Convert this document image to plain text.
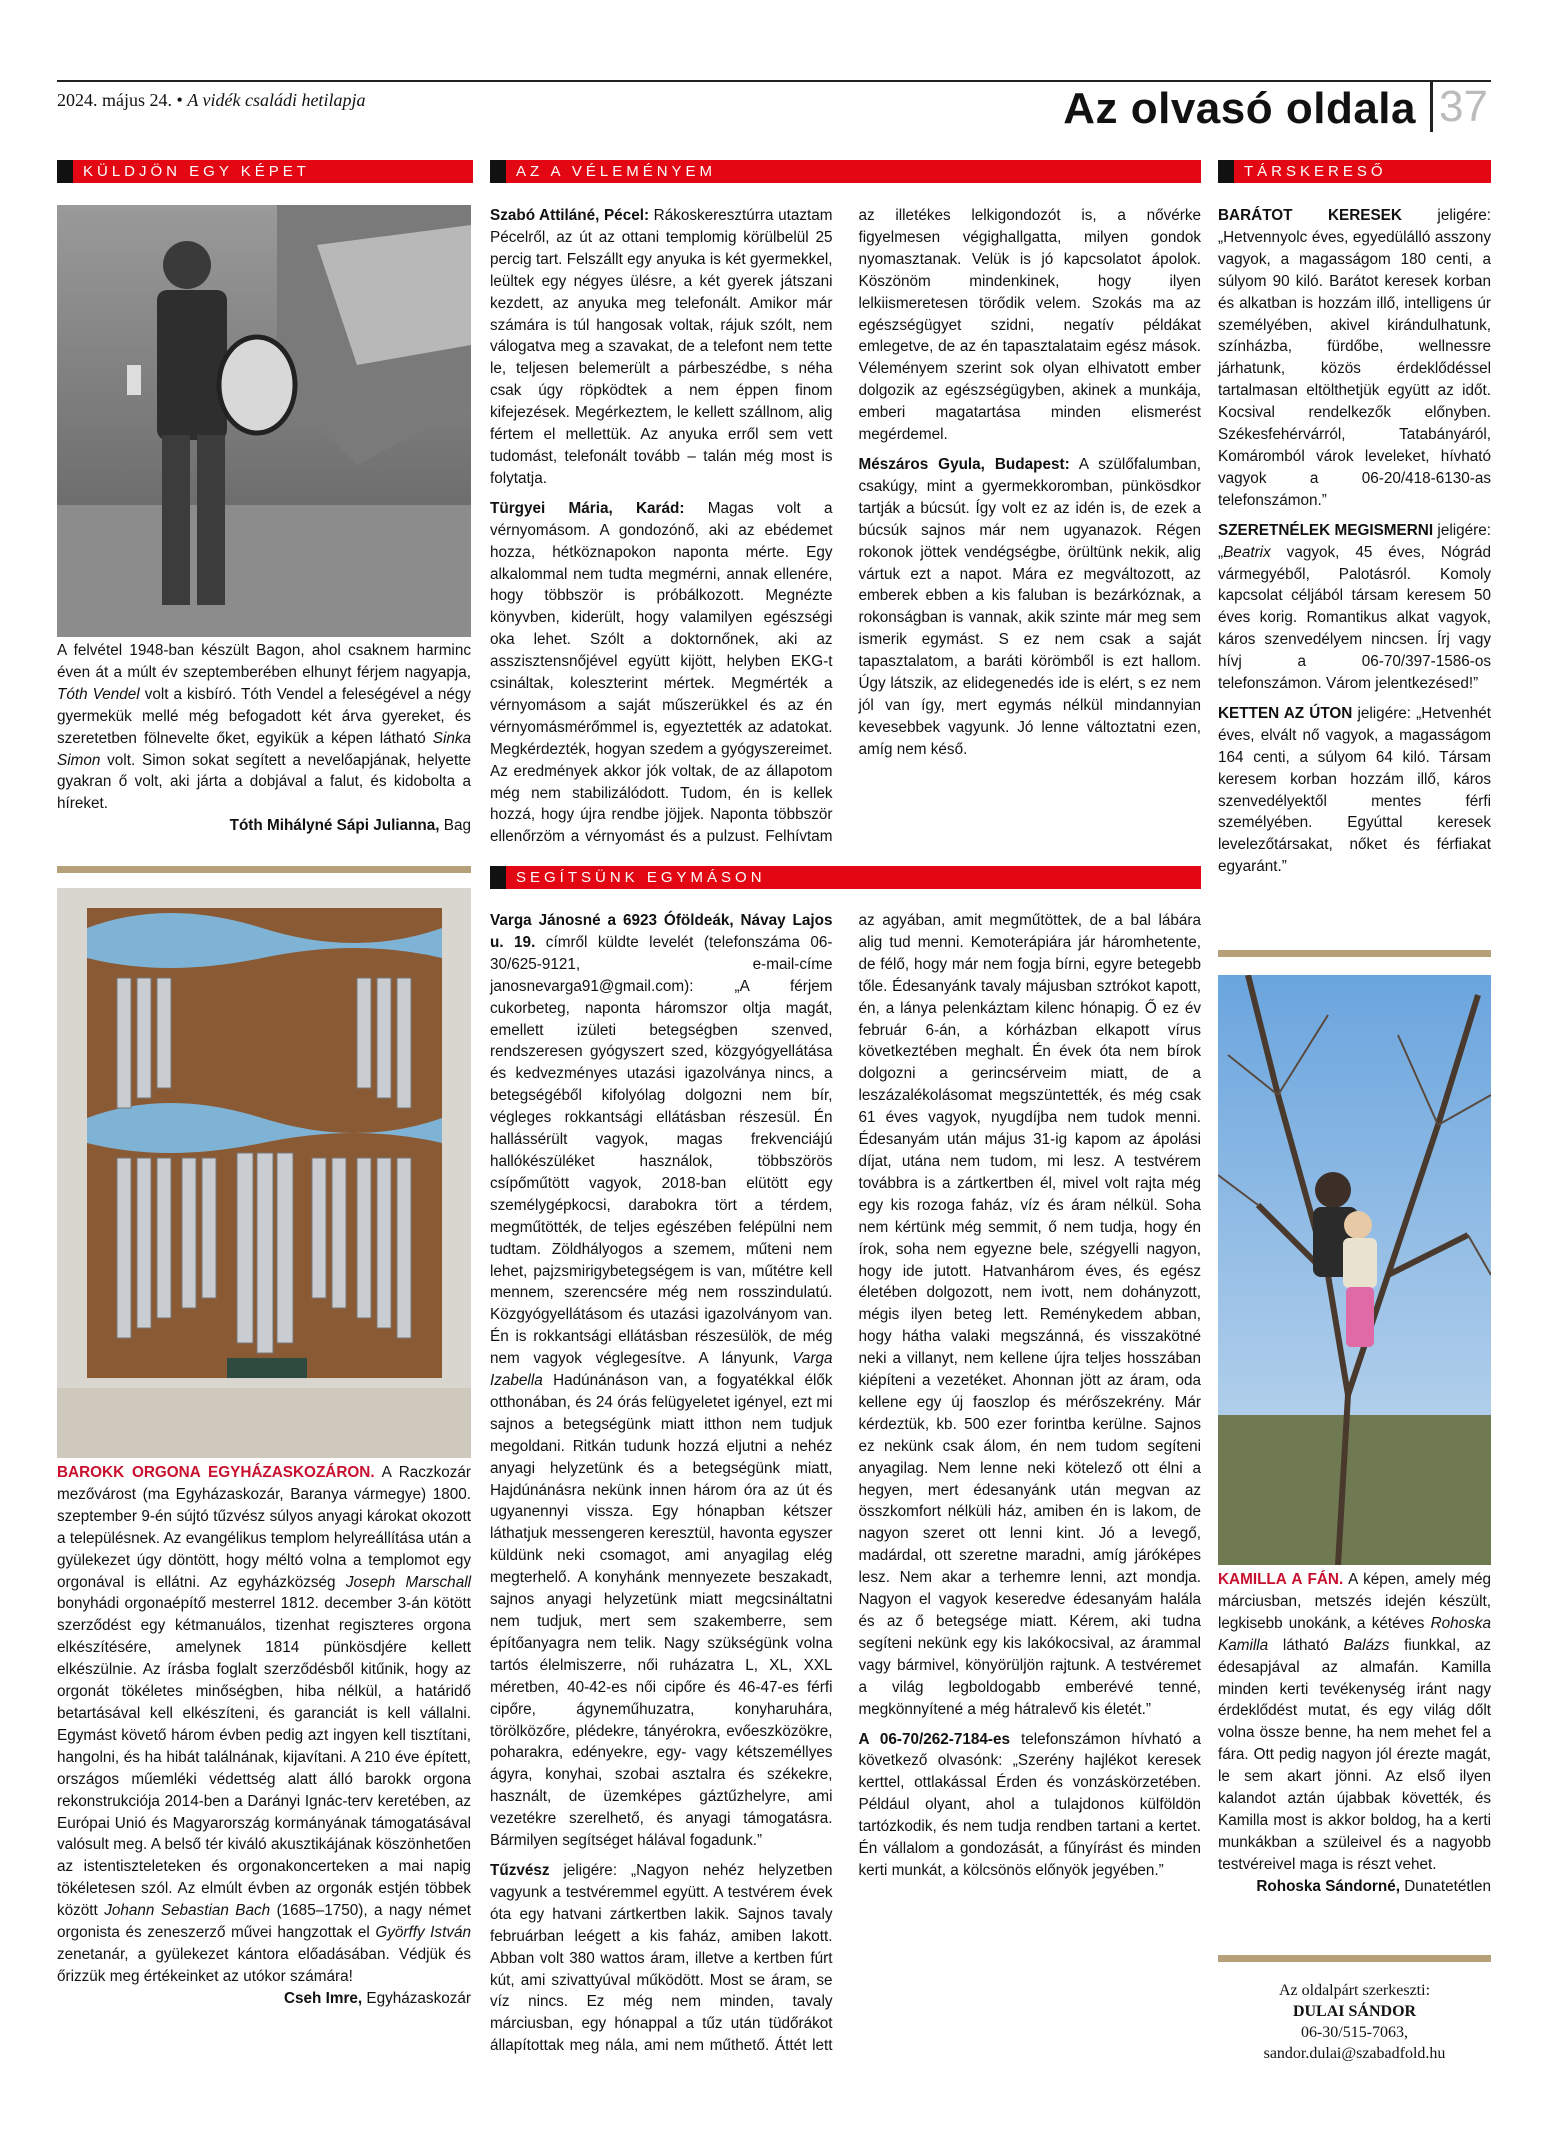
2024. május 24. • A vidék családi hetilapja	Az olvasó oldala 37
KÜLDJÖN EGY KÉPET	AZ A VÉLEMÉNYEM	TÁRSKERESŐ
SEGÍTSÜNK EGYMÁSON
A felvétel 1948-ban készült Bagon, ahol csaknem harminc éven át a múlt év szeptemberében elhunyt férjem nagyapja, Tóth Vendel volt a kisbíró. Tóth Vendel a feleségével a négy gyermekük mellé még befogadott két árva gyereket, és szeretetben fölnevelte őket, egyikük a képen látható Sinka Simon volt. Simon sokat segített a nevelőapjának, helyette gyakran ő volt, aki járta a dobjával a falut, és kidobolta a híreket.
Tóth Mihályné Sápi Julianna, Bag
BAROKK ORGONA EGYHÁZASKOZÁRON. A Raczkozár mezővárost (ma Egyházaskozár, Baranya vármegye) 1800. szeptember 9-én sújtó tűzvész súlyos anyagi károkat okozott a településnek. Az evangélikus templom helyreállítása után a gyülekezet úgy döntött, hogy méltó volna a templomot egy orgonával is ellátni. Az egyházközség Joseph Marschall bonyhádi orgonaépítő mesterrel 1812. december 3-án kötött szerződést egy kétmanuálos, tizenhat regiszteres orgona elkészítésére, amelynek 1814 pünkösdjére kellett elkészülnie. Az írásba foglalt szerződésből kitűnik, hogy az orgonát tökéletes minőségben, hiba nélkül, a határidő betartásával kell elkészíteni, és garanciát is kell vállalni. Egymást követő három évben pedig azt ingyen kell tisztítani, hangolni, és ha hibát találnának, kijavítani. A 210 éve épített, országos műemléki védettség alatt álló barokk orgona rekonstrukciója 2014-ben a Darányi Ignác-terv keretében, az Európai Unió és Magyarország kormányának támogatásával valósult meg. A belső tér kiváló akusztikájának köszönhetően az istentiszteleteken és orgonakoncerteken a mai napig tökéletesen szól. Az elmúlt évben az orgonák estjén többek között Johann Sebastian Bach (1685–1750), a nagy német orgonista és zeneszerző művei hangzottak el Györffy István zenetanár, a gyülekezet kántora előadásában. Védjük és őrizzük meg értékeinket az utókor számára!
Cseh Imre, Egyházaskozár

Szabó Attiláné, Pécel: Rákoskeresztúrra utaztam Pécelről, az út az ottani templomig körülbelül 25 percig tart. Felszállt egy anyuka is két gyermekkel, leültek egy négyes ülésre, a két gyerek játszani kezdett, az anyuka meg telefonált. Amikor már számára is túl hangosak voltak, rájuk szólt, nem válogatva meg a szavakat, de a telefont nem tette le, teljesen belemerült a párbeszédbe, s néha csak úgy röpködtek a nem éppen finom kifejezések. Megérkeztem, le kellett szállnom, alig fértem el mellettük. Az anyuka erről sem vett tudomást, telefonált tovább – talán még most is folytatja.

Türgyei Mária, Karád: Magas volt a vérnyomásom. A gondozónő, aki az ebédemet hozza, hétköznapokon naponta mérte. Egy alkalommal nem tudta megmérni, annak ellenére, hogy többször is próbálkozott. Megnézte könyvben, kiderült, hogy valamilyen egészségi oka lehet. Szólt a doktornőnek, aki az asszisztensnőjével együtt kijött, helyben EKG-t csináltak, koleszterint mértek. Megmérték a vérnyomásom a saját műszerükkel és az én vérnyomásmérőmmel is, egyeztették az adatokat. Megkérdezték, hogyan szedem a gyógyszereimet. Az eredmények akkor jók voltak, de az állapotom még nem stabilizálódott. Tudom, én is kellek hozzá, hogy újra rendbe jöjjek. Naponta többször ellenőrzöm a vérnyomást és a pulzust. Felhívtam az illetékes lelkigondozót is, a nővérke figyelmesen végighallgatta, milyen gondok nyomasztanak. Velük is jó kapcsolatot ápolok. Köszönöm mindenkinek, hogy ilyen lelkiismeretesen törődik velem. Szokás ma az egészségügyet szidni, negatív példákat emlegetve, de az én tapasztalataim egész mások. Véleményem szerint sok olyan elhivatott ember dolgozik az egészségügyben, akinek a munkája, emberi magatartása minden elismerést megérdemel.

Mészáros Gyula, Budapest: A szülőfalumban, csakúgy, mint a gyermekkoromban, pünkösdkor tartják a búcsút. Így volt ez az idén is, de ezek a búcsúk sajnos már nem ugyanazok. Régen rokonok jöttek vendégségbe, örültünk nekik, alig vártuk ezt a napot. Mára ez megváltozott, az emberek ebben a kis faluban is bezárkóznak, a rokonságban is vannak, akik szinte már meg sem ismerik egymást. S ez nem csak a saját tapasztalatom, a baráti körömből is ezt hallom. Úgy látszik, az elidegenedés ide is elért, s ez nem jól van így, mert egymás nélkül mindannyian kevesebbek vagyunk. Jó lenne változtatni ezen, amíg nem késő.

Varga Jánosné a 6923 Óföldeák, Návay Lajos u. 19. címről küldte levelét (telefonszáma 06-30/625-9121, e-mail-címe janosnevarga91@gmail.com): „A férjem cukorbeteg, naponta háromszor oltja magát, emellett izületi betegségben szenved, rendszeresen gyógyszert szed, közgyógyellátása és kedvezményes utazási igazolványa nincs, a betegségéből kifolyólag dolgozni nem bír, végleges rokkantsági ellátásban részesül. Én hallássérült vagyok, magas frekvenciájú hallókészüléket használok, többszörös csípőműtött vagyok, 2018-ban elütött egy személygépkocsi, darabokra tört a térdem, megműtötték, de teljes egészében felépülni nem tudtam. Zöldhályogos a szemem, műteni nem lehet, pajzsmirigybetegségem is van, műtétre kell mennem, szerencsére még nem rosszindulatú. Közgyógyellátásom és utazási igazolványom van. Én is rokkantsági ellátásban részesülök, de még nem vagyok véglegesítve. A lányunk, Varga Izabella Hadúnánáson van, a fogyatékkal élők otthonában, és 24 órás felügyeletet igényel, ezt mi sajnos a betegségünk miatt itthon nem tudjuk megoldani. Ritkán tudunk hozzá eljutni a nehéz anyagi helyzetünk és a betegségünk miatt, Hajdúnánásra nekünk innen három óra az út és ugyanennyi vissza. Egy hónapban kétszer láthatjuk messengeren keresztül, havonta egyszer küldünk neki csomagot, ami anyagilag elég megterhelő. A konyhánk mennyezete beszakadt, sajnos anyagi helyzetünk miatt megcsináltatni nem tudjuk, mert sem szakemberre, sem építőanyagra nem telik. Nagy szükségünk volna tartós élelmiszerre, női ruházatra L, XL, XXL méretben, 40-42-es női cipőre és 46-47-es férfi cipőre, ágyneműhuzatra, konyharuhára, törölközőre, plédekre, tányérokra, evőeszközökre, poharakra, edényekre, egy- vagy kétszeméllyes ágyra, konyhai, szobai asztalra és székekre, használt, de üzemképes gáztűzhelyre, ami vezetékre szerelhető, és anyagi támogatásra. Bármilyen segítséget hálával fogadunk.”

Tűzvész jeligére: „Nagyon nehéz helyzetben vagyunk a testvéremmel együtt. A testvérem évek óta egy hatvani zártkertben lakik. Sajnos tavaly februárban leégett a kis faház, amiben lakott. Abban volt 380 wattos áram, illetve a kertben fúrt kút, ami szivattyúval működött. Most se áram, se víz nincs. Ez még nem minden, tavaly márciusban, egy hónappal a tűz után tüdőrákot állapítottak meg nála, ami nem műthető. Áttét lett az agyában, amit megműtöttek, de a bal lábára alig tud menni. Kemoterápiára jár háromhetente, de félő, hogy már nem fogja bírni, egyre betegebb tőle. Édesanyánk tavaly májusban sztrókot kapott, én, a lánya pelenkáztam kilenc hónapig. Ő ez év február 6-án, a kórházban elkapott vírus következtében meghalt. Én évek óta nem bírok dolgozni a gerincsérveim miatt, de a leszázalékolásomat megszüntették, és még csak 61 éves vagyok, nyugdíjba nem tudok menni. Édesanyám után május 31-ig kapom az ápolási díjat, utána nem tudom, mi lesz. A testvérem továbbra is a zártkertben él, mivel volt rajta még egy kis rozoga faház, víz és áram nélkül. Soha nem kértünk még semmit, ő nem tudja, hogy én írok, soha nem egyezne bele, szégyelli nagyon, hogy ide jutott. Hatvanhárom éves, és egész életében dolgozott, nem ivott, nem dohányzott, mégis ilyen beteg lett. Reménykedem abban, hogy hátha valaki megszánná, és visszakötné neki a villanyt, nem kellene újra teljes hosszában kiépíteni a vezetéket. Ahonnan jött az áram, oda kellene egy új faoszlop és mérőszekrény. Már kérdeztük, kb. 500 ezer forintba kerülne. Sajnos ez nekünk csak álom, én nem tudom segíteni anyagilag. Nem lenne neki kötelező ott élni a hegyen, mert édesanyánk után megvan az összkomfort nélküli ház, amiben én is lakom, de nagyon szeret ott lenni kint. Jó a levegő, madárdal, ott szeretne maradni, amíg járóképes lesz. Nem akar a terhemre lenni, azt mondja. Nagyon el vagyok keseredve édesanyám halála és az ő betegsége miatt. Kérem, aki tudna segíteni nekünk egy kis lakókocsival, az árammal vagy bármivel, könyörüljön rajtunk. A testvéremet a világ legboldogabb emberévé tenné, megkönnyítené a még hátralevő kis életét.”

A 06-70/262-7184-es telefonszámon hívható a következő olvasónk: „Szerény hajlékot keresek kerttel, ottlakással Érden és vonzáskörzetében. Például olyant, ahol a tulajdonos külföldön tartózkodik, és nem tudja rendben tartani a kertet. Én vállalom a gondozását, a fűnyírást és minden kerti munkát, a kölcsönös előnyök jegyében.”

BARÁTOT KERESEK jeligére: „Hetvennyolc éves, egyedülálló asszony vagyok, a magasságom 180 centi, a súlyom 90 kiló. Barátot keresek korban és alkatban is hozzám illő, intelligens úr személyében, akivel kirándulhatunk, színházba, fürdőbe, wellnessre járhatunk, közös érdeklődéssel tartalmasan eltölthetjük együtt az időt. Kocsival rendelkezők előnyben. Székesfehérvárról, Tatabányáról, Komáromból várok leveleket, hívható vagyok a 06-20/418-6130-as telefonszámon.”

SZERETNÉLEK MEGISMERNI jeligére: „Beatrix vagyok, 45 éves, Nógrád vármegyéből, Palotásról. Komoly kapcsolat céljából társam keresem 50 éves korig. Romantikus alkat vagyok, káros szenvedélyem nincsen. Írj vagy hívj a 06-70/397-1586-os telefonszámon. Várom jelentkezésed!”

KETTEN AZ ÚTON jeligére: „Hetvenhét éves, elvált nő vagyok, a magasságom 164 centi, a súlyom 64 kiló. Társam keresem korban hozzám illő, káros szenvedélyektől mentes férfi személyében. Egyúttal keresek levelezőtársakat, nőket és férfiakat egyaránt.”

KAMILLA A FÁN. A képen, amely még márciusban, metszés idején készült, legkisebb unokánk, a kétéves Rohoska Kamilla látható Balázs fiunkkal, az édesapjával az almafán. Kamilla minden kerti tevékenység iránt nagy érdeklődést mutat, és egy világ dőlt volna össze benne, ha nem mehet fel a fára. Ott pedig nagyon jól érezte magát, le sem akart jönni. Az első ilyen kalandot aztán újabbak követték, és Kamilla most is akkor boldog, ha a kerti munkákban a szüleivel és a nagyobb testvéreivel maga is részt vehet.
Rohoska Sándorné, Dunatetétlen
Az oldalpárt szerkeszti:
DULAI SÁNDOR
06-30/515-7063,
sandor.dulai@szabadfold.hu
